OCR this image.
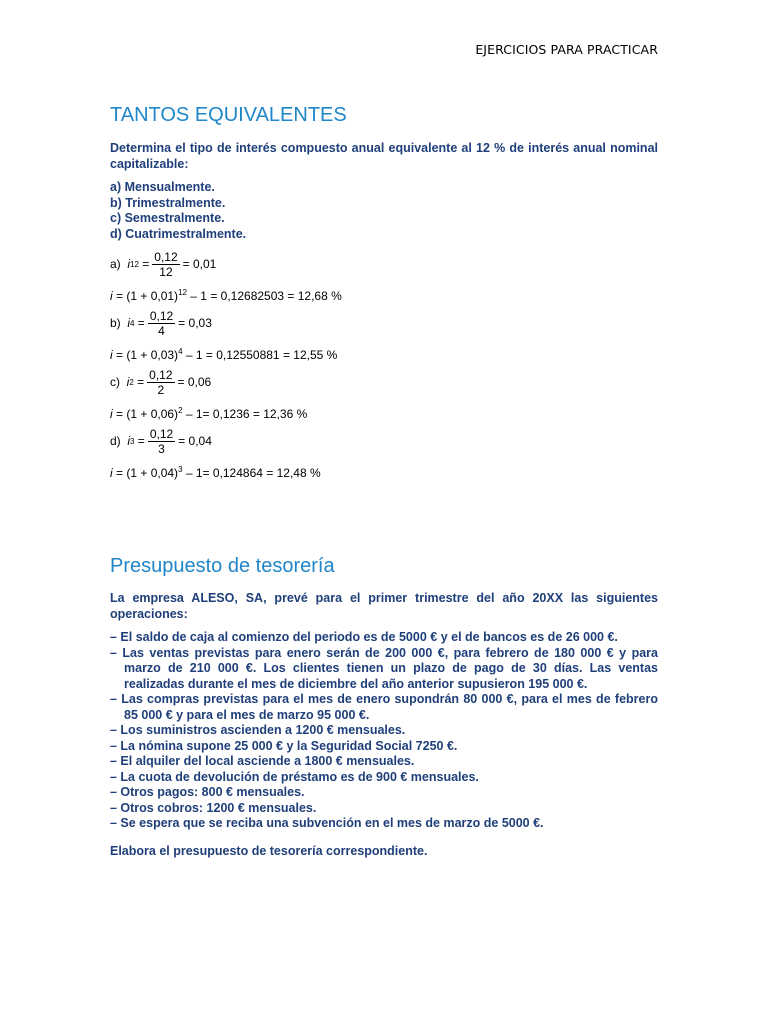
EJERCICIOS PARA PRACTICAR
TANTOS EQUIVALENTES
Determina el tipo de interés compuesto anual equivalente al 12 % de interés anual nominal capitalizable:
a) Mensualmente.
b) Trimestralmente.
c) Semestralmente.
d) Cuatrimestralmente.
a)
i $12 = \frac{0,12}{12} = 0,01$
$i = (1 + 0,01)^{12} - 1 = 0,12682503 = 12,68$ %
b)
i $4 = \frac{0,12}{4} = 0,03$
$i = (1 + 0,03)^4 - 1 = 0,12550881 = 12,55$ %
c)
i $2 = \frac{0,12}{2} = 0,06$
$i = (1 + 0,06)^2 - 1= 0,1236 = 12,36$ %
d)
i $3 = \frac{0,12}{3} = 0,04$
$i = (1 + 0,04)^3 - 1= 0,124864 = 12,48$ %
Presupuesto de tesorería
La empresa ALESO, SA, prevé para el primer trimestre del año 20XX las siguientes operaciones:
– El saldo de caja al comienzo del periodo es de 5000 € y el de bancos es de 26 000 €.
– Las ventas previstas para enero serán de 200 000 €, para febrero de 180 000 € y para marzo de 210 000 €. Los clientes tienen un plazo de pago de 30 días. Las ventas realizadas durante el mes de diciembre del año anterior supusieron 195 000 €.
– Las compras previstas para el mes de enero supondrán 80 000 €, para el mes de febrero 85 000 € y para el mes de marzo 95 000 €.
– Los suministros ascienden a 1200 € mensuales.
– La nómina supone 25 000 € y la Seguridad Social 7250 €.
– El alquiler del local asciende a 1800 € mensuales.
– La cuota de devolución de préstamo es de 900 € mensuales.
– Otros pagos: 800 € mensuales.
– Otros cobros: 1200 € mensuales.
– Se espera que se reciba una subvención en el mes de marzo de 5000 €.
Elabora el presupuesto de tesorería correspondiente.
